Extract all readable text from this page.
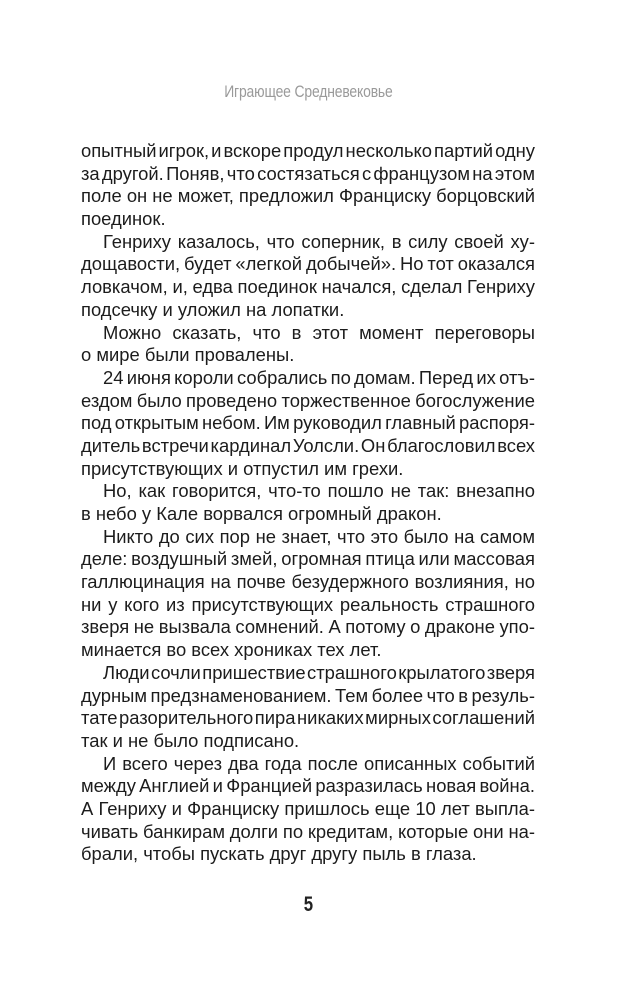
Играющее Средневековье
опытный игрок, и вскоре продул несколько партий одну
за другой. Поняв, что состязаться с французом на этом
поле он не может, предложил Франциску борцовский
поединок.
Генриху казалось, что соперник, в силу своей ху-
дощавости, будет «легкой добычей». Но тот оказался
ловкачом, и, едва поединок начался, сделал Генриху
подсечку и уложил на лопатки.
Можно сказать, что в этот момент переговоры
о мире были провалены.
24 июня короли собрались по домам. Перед их отъ-
ездом было проведено торжественное богослужение
под открытым небом. Им руководил главный распоря-
дитель встречи кардинал Уолсли. Он благословил всех
присутствующих и отпустил им грехи.
Но, как говорится, что-то пошло не так: внезапно
в небо у Кале ворвался огромный дракон.
Никто до сих пор не знает, что это было на самом
деле: воздушный змей, огромная птица или массовая
галлюцинация на почве безудержного возлияния, но
ни у кого из присутствующих реальность страшного
зверя не вызвала сомнений. А потому о драконе упо-
минается во всех хрониках тех лет.
Люди сочли пришествие страшного крылатого зверя
дурным предзнаменованием. Тем более что в резуль-
тате разорительного пира никаких мирных соглашений
так и не было подписано.
И всего через два года после описанных событий
между Англией и Францией разразилась новая война.
А Генриху и Франциску пришлось еще 10 лет выпла-
чивать банкирам долги по кредитам, которые они на-
брали, чтобы пускать друг другу пыль в глаза.
5
